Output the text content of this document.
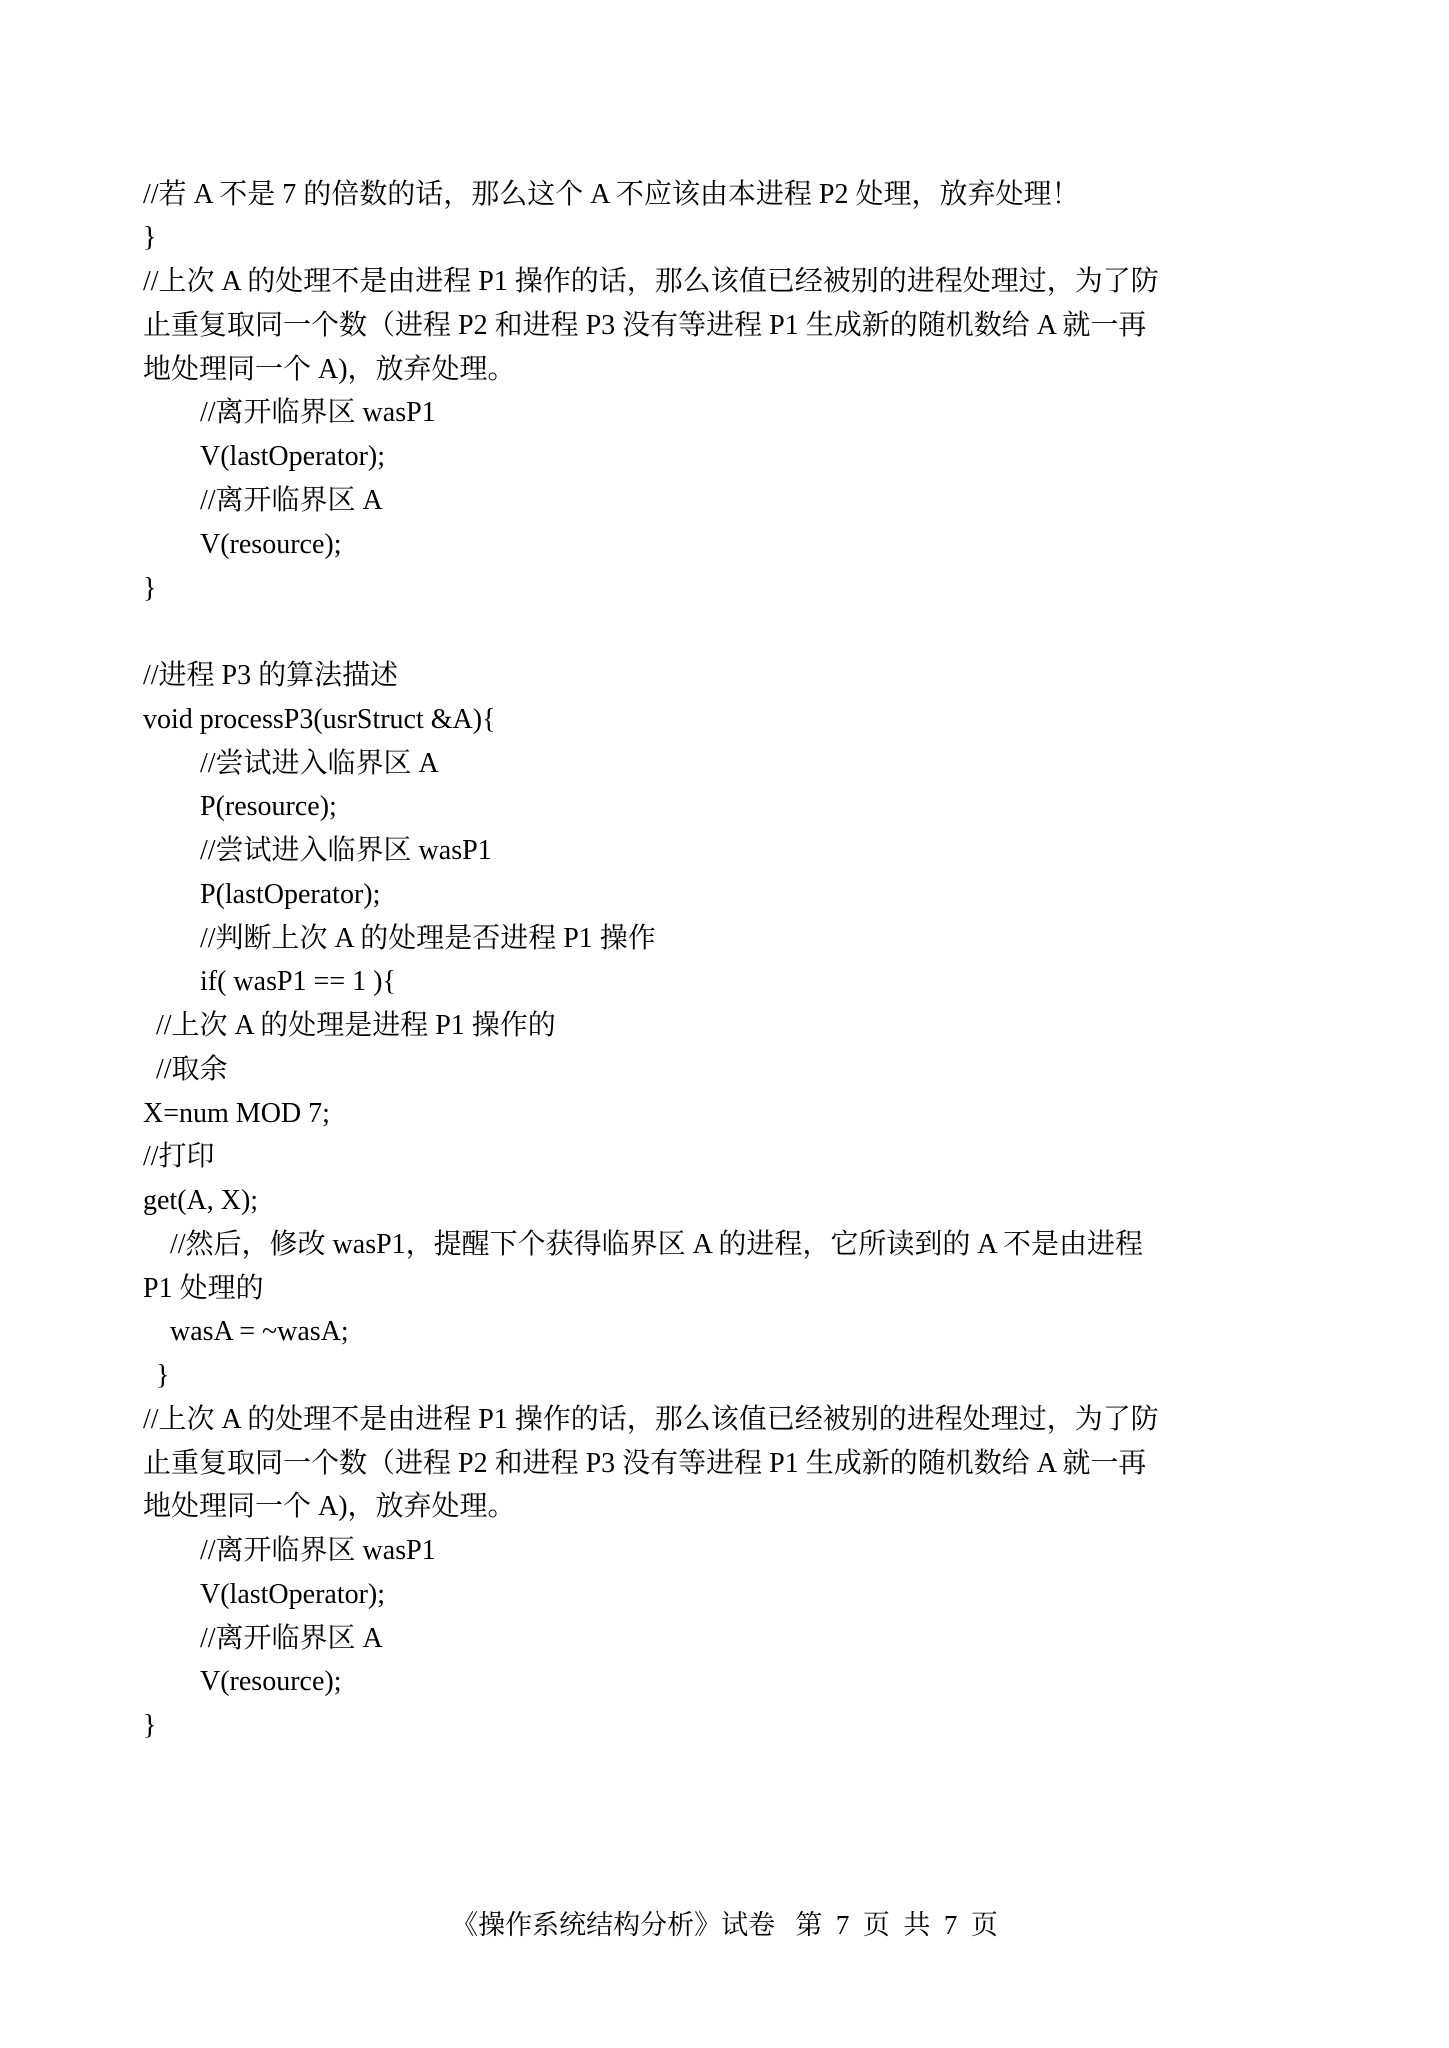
//若 A 不是 7 的倍数的话，那么这个 A 不应该由本进程 P2 处理，放弃处理！
}
//上次 A 的处理不是由进程 P1 操作的话，那么该值已经被别的进程处理过，为了防
止重复取同一个数（进程 P2 和进程 P3 没有等进程 P1 生成新的随机数给 A 就一再
地处理同一个 A)，放弃处理。
//离开临界区 wasP1
V(lastOperator);
//离开临界区 A
V(resource);
}
//进程 P3 的算法描述
void processP3(usrStruct &A){
//尝试进入临界区 A
P(resource);
//尝试进入临界区 wasP1
P(lastOperator);
//判断上次 A 的处理是否进程 P1 操作
if( wasP1 == 1 ){
//上次 A 的处理是进程 P1 操作的
//取余
X=num MOD 7;
//打印
get(A, X);
//然后，修改 wasP1，提醒下个获得临界区 A 的进程，它所读到的 A 不是由进程
P1 处理的
wasA = ~wasA;
}
//上次 A 的处理不是由进程 P1 操作的话，那么该值已经被别的进程处理过，为了防
止重复取同一个数（进程 P2 和进程 P3 没有等进程 P1 生成新的随机数给 A 就一再
地处理同一个 A)，放弃处理。
//离开临界区 wasP1
V(lastOperator);
//离开临界区 A
V(resource);
}
《操作系统结构分析》试卷   第  7  页  共  7  页
